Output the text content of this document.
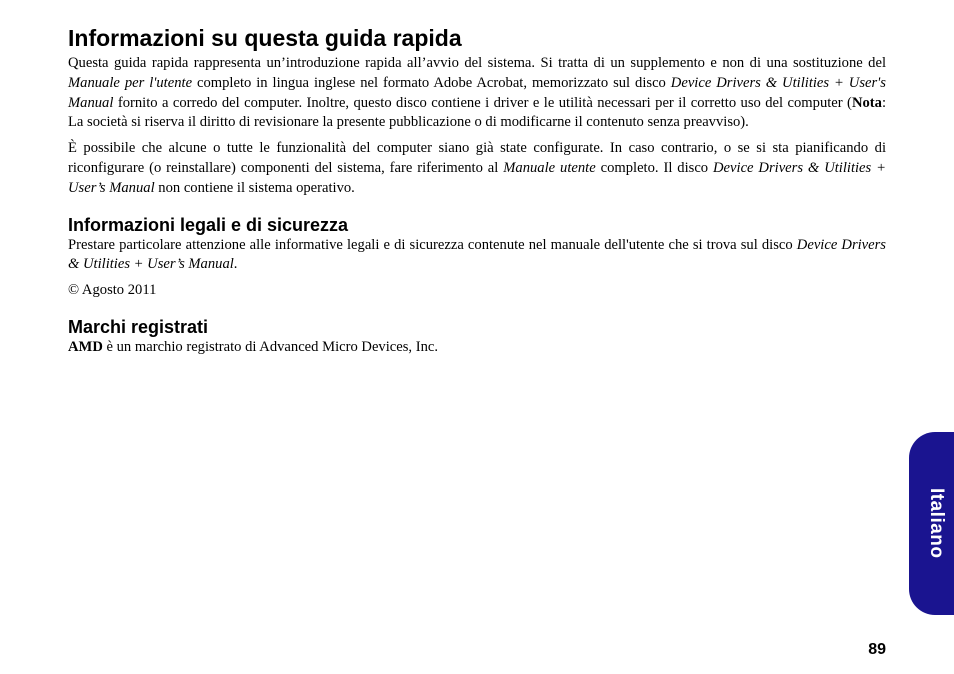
Informazioni su questa guida rapida

Questa guida rapida rappresenta un’introduzione rapida all’avvio del sistema. Si tratta di un supplemento e non di una sostituzione del Manuale per l'utente completo in lingua inglese nel formato Adobe Acrobat, memorizzato sul disco Device Drivers & Utilities + User's Manual fornito a corredo del computer. Inoltre, questo disco contiene i driver e le utilità necessari per il corretto uso del computer (Nota: La società si riserva il diritto di revisionare la presente pubblicazione o di modificarne il contenuto senza preavviso).

È possibile che alcune o tutte le funzionalità del computer siano già state configurate. In caso contrario, o se si sta pianificando di riconfigurare (o reinstallare) componenti del sistema, fare riferimento al Manuale utente completo. Il disco Device Drivers & Utilities + User’s Manual non contiene il sistema operativo.

Informazioni legali e di sicurezza

Prestare particolare attenzione alle informative legali e di sicurezza contenute nel manuale dell'utente che si trova sul disco Device Drivers & Utilities + User’s Manual.

© Agosto 2011

Marchi registrati

AMD è un marchio registrato di Advanced Micro Devices, Inc.

Italiano
89
